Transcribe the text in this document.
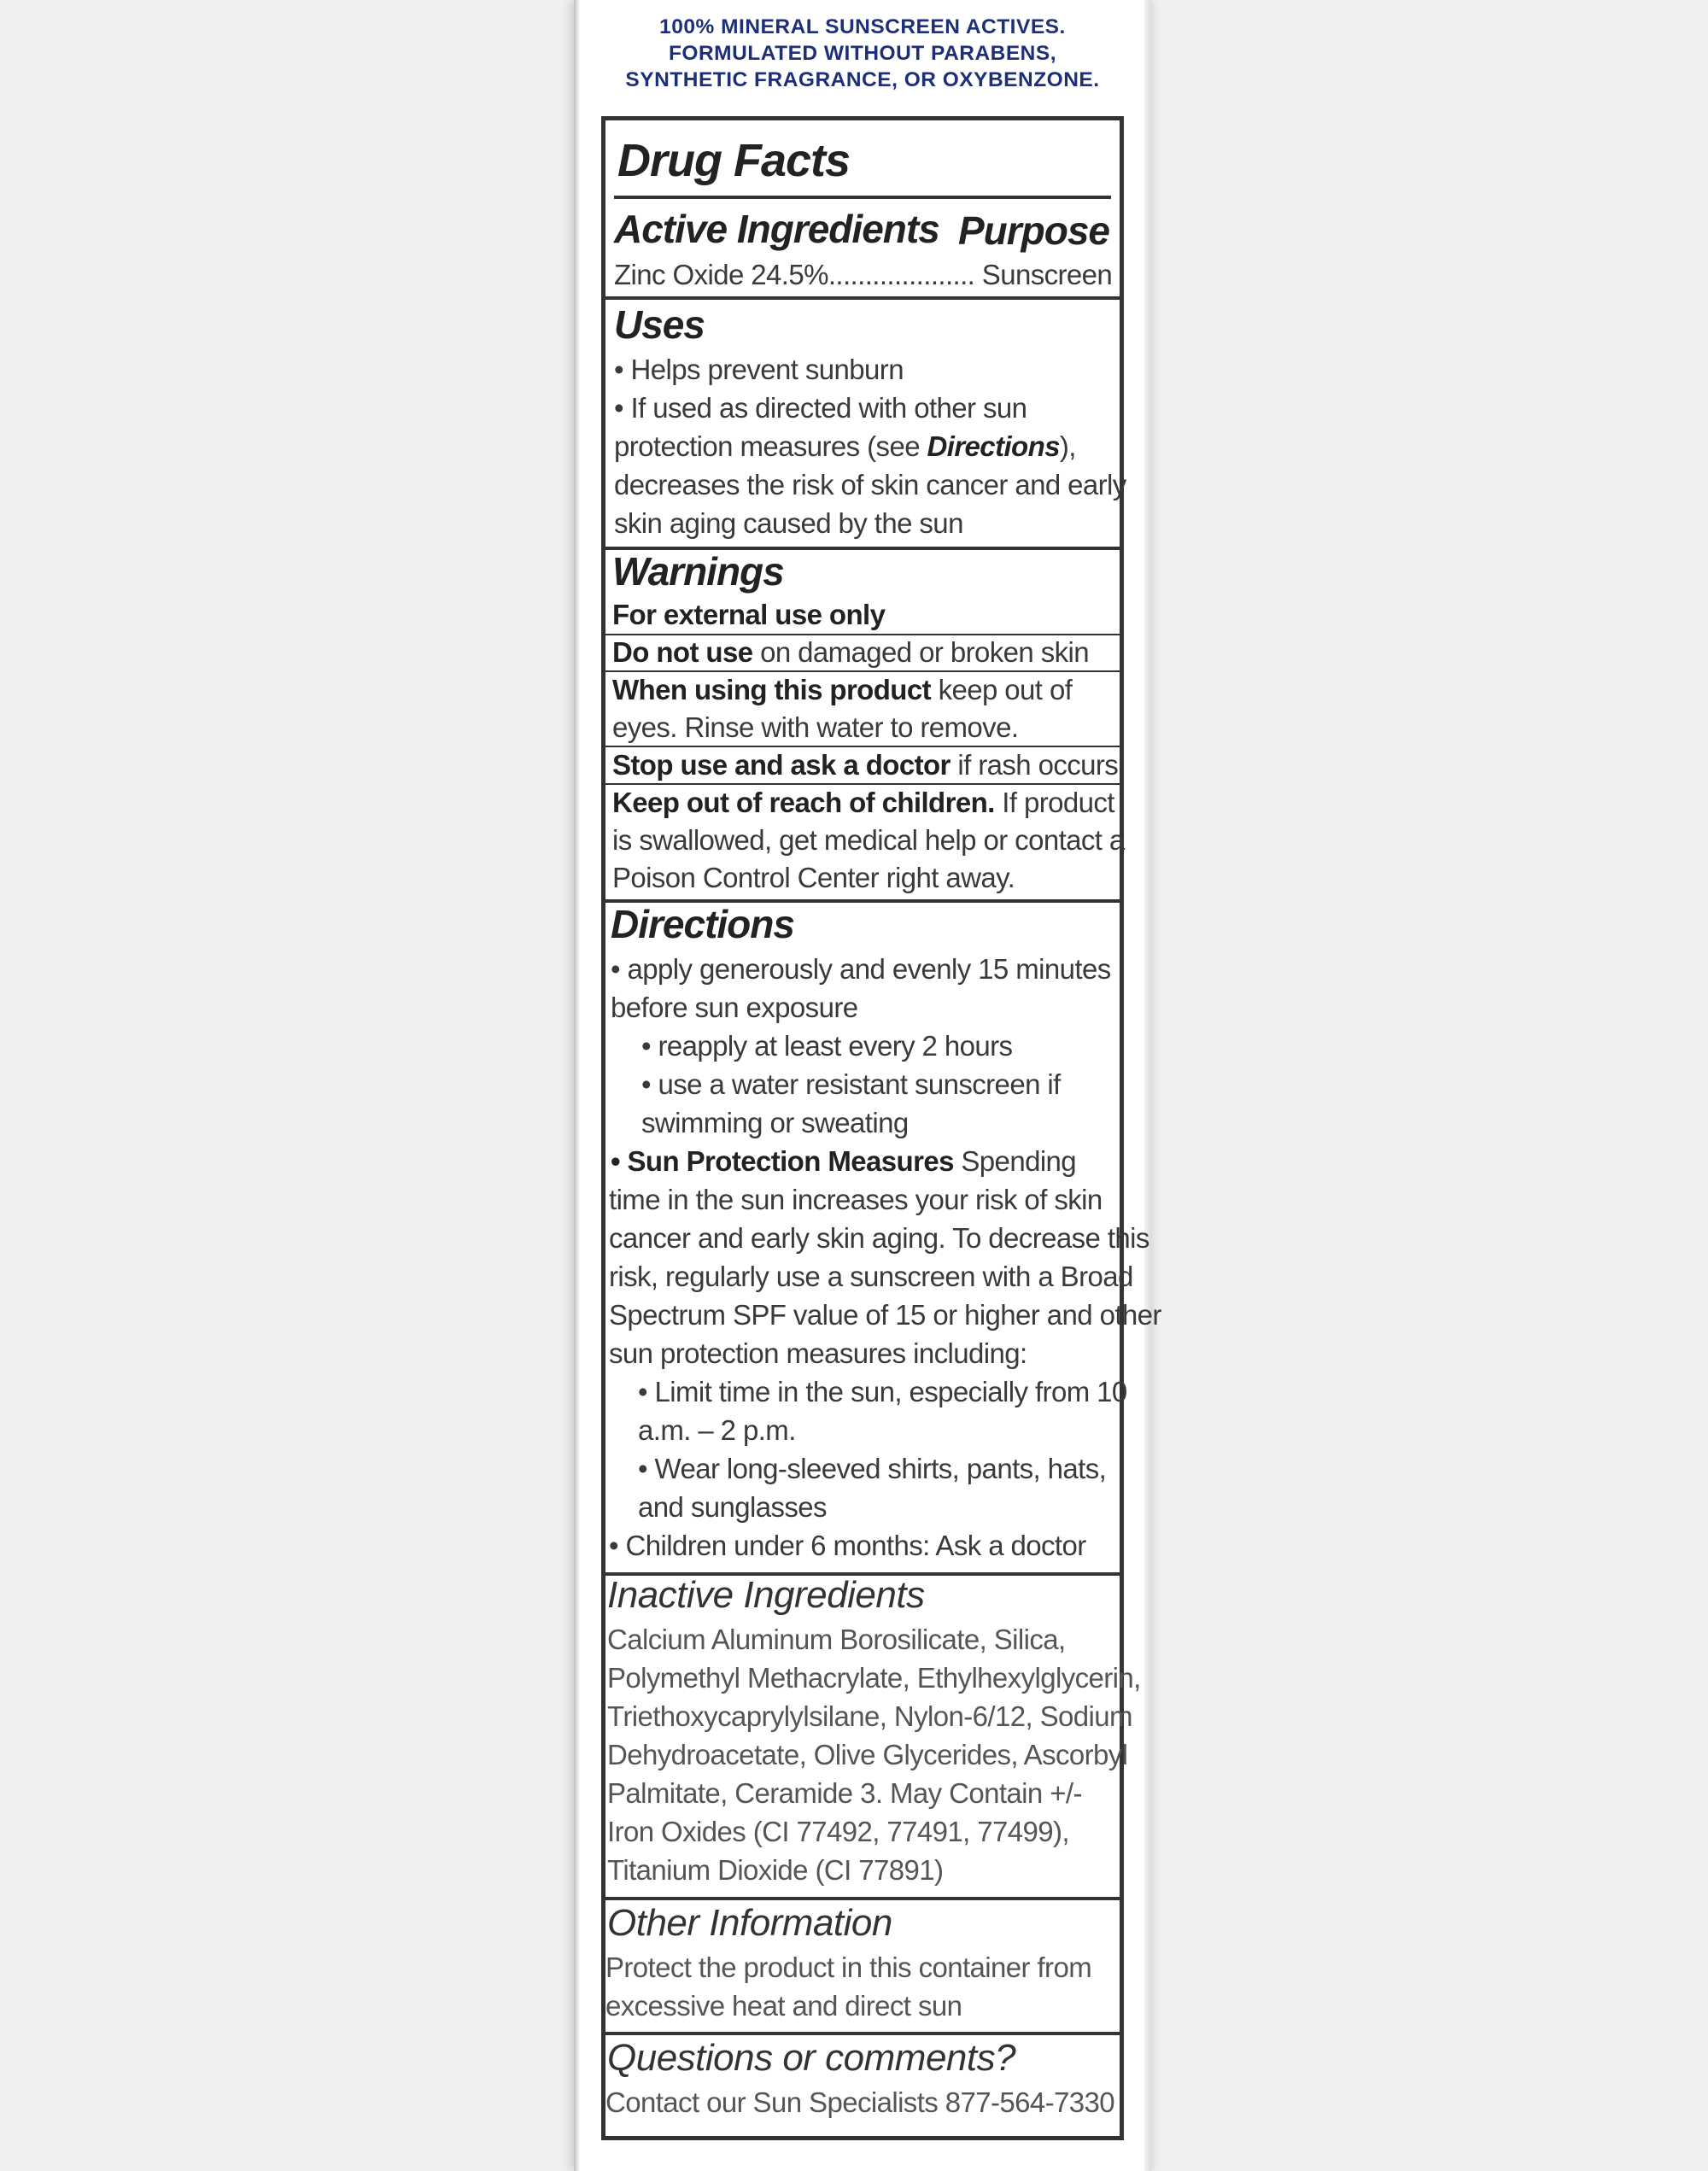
100% MINERAL SUNSCREEN ACTIVES.
FORMULATED WITHOUT PARABENS,
SYNTHETIC FRAGRANCE, OR OXYBENZONE.
Drug Facts
Active Ingredients Purpose
Zinc Oxide 24.5%.................... Sunscreen
Uses
• Helps prevent sunburn
• If used as directed with other sun
protection measures (see Directions),
decreases the risk of skin cancer and early
skin aging caused by the sun
Warnings
For external use only
Do not use on damaged or broken skin
When using this product keep out of
eyes. Rinse with water to remove.
Stop use and ask a doctor if rash occurs
Keep out of reach of children. If product
is swallowed, get medical help or contact a
Poison Control Center right away.
Directions
• apply generously and evenly 15 minutes
before sun exposure
• reapply at least every 2 hours
• use a water resistant sunscreen if
swimming or sweating
• Sun Protection Measures Spending
time in the sun increases your risk of skin
cancer and early skin aging. To decrease this
risk, regularly use a sunscreen with a Broad
Spectrum SPF value of 15 or higher and other
sun protection measures including:
• Limit time in the sun, especially from 10
a.m. – 2 p.m.
• Wear long-sleeved shirts, pants, hats,
and sunglasses
• Children under 6 months: Ask a doctor
Inactive Ingredients
Calcium Aluminum Borosilicate, Silica,
Polymethyl Methacrylate, Ethylhexylglycerin,
Triethoxycaprylylsilane, Nylon-6/12, Sodium
Dehydroacetate, Olive Glycerides, Ascorbyl
Palmitate, Ceramide 3. May Contain +/-
Iron Oxides (CI 77492, 77491, 77499),
Titanium Dioxide (CI 77891)
Other Information
Protect the product in this container from
excessive heat and direct sun
Questions or comments?
Contact our Sun Specialists 877-564-7330
